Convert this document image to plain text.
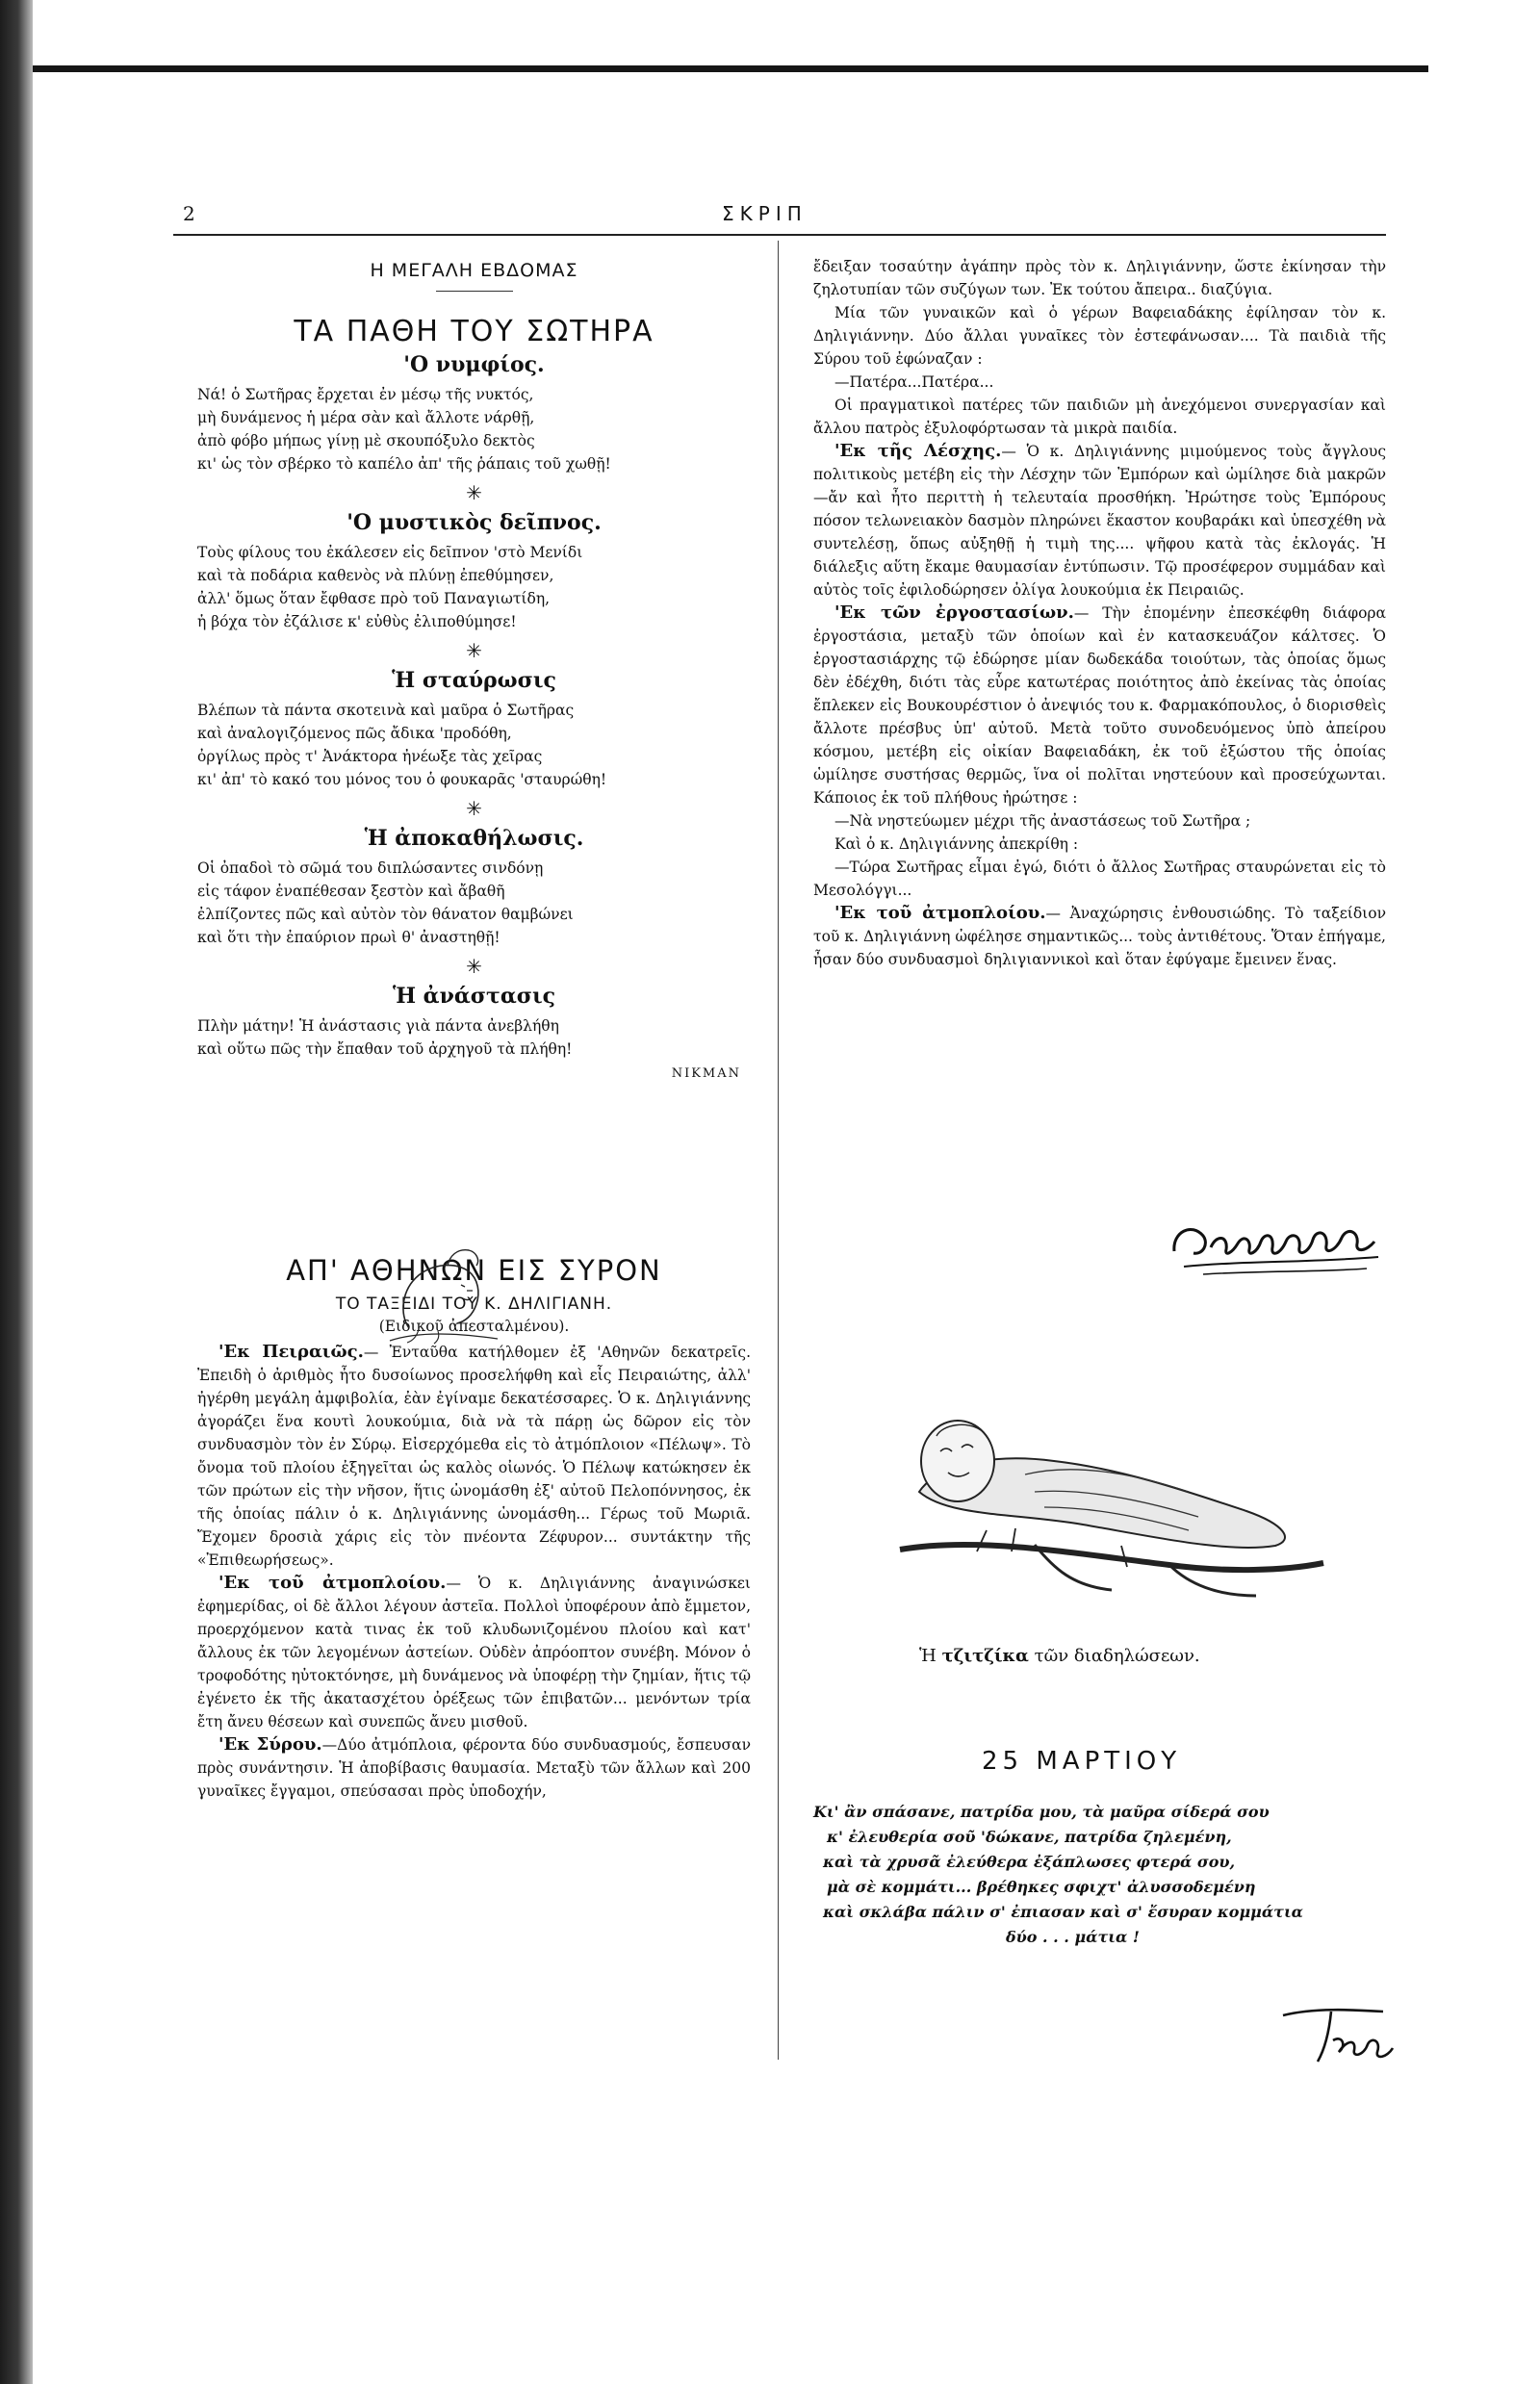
2	ΣΚΡΙΠ
Η ΜΕΓΑΛΗ ΕΒΔΟΜΑΣ
ΤΑ ΠΑΘΗ ΤΟΥ ΣΩΤΗΡΑ
'Ο νυμφίος.
Νά! ὁ Σωτῆρας ἔρχεται ἐν μέσῳ τῆς νυκτός,
μὴ δυνάμενος ἡ μέρα σὰν καὶ ἄλλοτε νάρθῇ,
ἀπὸ φόβο μήπως γίνῃ μὲ σκουπόξυλο δεκτὸς
κι' ὡς τὸν σβέρκο τὸ καπέλο ἀπ' τῆς ῥάπαις τοῦ χωθῇ!
✳
'Ο μυστικὸς δεῖπνος.
Τοὺς φίλους του ἐκάλεσεν εἰς δεῖπνον 'στὸ Μενίδι
καὶ τὰ ποδάρια καθενὸς νὰ πλύνῃ ἐπεθύμησεν,
ἀλλ' ὅμως ὅταν ἔφθασε πρὸ τοῦ Παναγιωτίδη,
ἡ βόχα τὸν ἐζάλισε κ' εὐθὺς ἐλιποθύμησε!
✳
Ἡ σταύρωσις
Βλέπων τὰ πάντα σκοτεινὰ καὶ μαῦρα ὁ Σωτῆρας
καὶ ἀναλογιζόμενος πῶς ἄδικα 'προδόθη,
ὀργίλως πρὸς τ' Ἀνάκτορα ἠνέωξε τὰς χεῖρας
κι' ἀπ' τὸ κακό του μόνος του ὁ φουκαρᾶς 'σταυρώθη!
✳
Ἡ ἀποκαθήλωσις.
Οἱ ὀπαδοὶ τὸ σῶμά του διπλώσαντες σινδόνῃ
εἰς τάφον ἐναπέθεσαν ξεστὸν καὶ ἄβαθῆ
ἐλπίζοντες πῶς καὶ αὐτὸν τὸν θάνατον θαμβώνει
καὶ ὅτι τὴν ἐπαύριον πρωὶ θ' ἀναστηθῇ!
✳
Ἡ ἀνάστασις
Πλὴν μάτην! Ἡ ἀνάστασις γιὰ πάντα ἀνεβλήθη
καὶ οὕτω πῶς τὴν ἔπαθαν τοῦ ἀρχηγοῦ τὰ πλήθη!
ΝΙΚΜΑΝ
ΑΠ' ΑΘΗΝΩΝ ΕΙΣ ΣΥΡΟΝ
ΤΟ ΤΑΞΕΙΔΙ ΤΟΥ Κ. ΔΗΛΙΓΙΑΝΗ.
(Ειδικοῦ ἀπεσταλμένου).

'Εκ Πειραιῶς.— Ἐνταῦθα κατήλθομεν ἐξ 'Αθηνῶν δεκατρεῖς. Ἐπειδὴ ὁ ἀριθμὸς ἦτο δυσοίωνος προσελήφθη καὶ εἷς Πειραιώτης, ἀλλ' ἠγέρθη μεγάλη ἀμφιβολία, ἐὰν ἐγίναμε δεκατέσσαρες. Ὁ κ. Δηλιγιάννης ἀγοράζει ἕνα κουτὶ λουκούμια, διὰ νὰ τὰ πάρῃ ὡς δῶρον εἰς τὸν συνδυασμὸν τὸν ἐν Σύρῳ. Εἰσερχόμεθα εἰς τὸ ἀτμόπλοιον «Πέλωψ». Τὸ ὄνομα τοῦ πλοίου ἐξηγεῖται ὡς καλὸς οἰωνός. Ὁ Πέλωψ κατώκησεν ἐκ τῶν πρώτων εἰς τὴν νῆσον, ἥτις ὠνομάσθη ἐξ' αὐτοῦ Πελοπόννησος, ἐκ τῆς ὁποίας πάλιν ὁ κ. Δηλιγιάννης ὡνομάσθη... Γέρως τοῦ Μωριᾶ. Ἔχομεν δροσιὰ χάρις εἰς τὸν πνέοντα Ζέφυρον... συντάκτην τῆς «Ἐπιθεωρήσεως».

'Εκ τοῦ ἀτμοπλοίου.— Ὁ κ. Δηλιγιάννης ἀναγινώσκει ἐφημερίδας, οἱ δὲ ἄλλοι λέγουν ἀστεῖα. Πολλοὶ ὑποφέρουν ἀπὸ ἔμμετον, προερχόμενον κατὰ τινας ἐκ τοῦ κλυδωνιζομένου πλοίου καὶ κατ' ἄλλους ἐκ τῶν λεγομένων ἀστείων. Οὐδὲν ἀπρόοπτον συνέβη. Μόνον ὁ τροφοδότης ηὐτοκτόνησε, μὴ δυνάμενος νὰ ὑποφέρῃ τὴν ζημίαν, ἥτις τῷ ἐγένετο ἐκ τῆς ἀκατασχέτου ὀρέξεως τῶν ἐπιβατῶν... μενόντων τρία ἔτη ἄνευ θέσεων καὶ συνεπῶς ἄνευ μισθοῦ.

'Εκ Σύρου.—Δύο ἀτμόπλοια, φέροντα δύο συνδυασμούς, ἔσπευσαν πρὸς συνάντησιν. Ἡ ἀποβίβασις θαυμασία. Μεταξὺ τῶν ἄλλων καὶ 200 γυναῖκες ἔγγαμοι, σπεύσασαι πρὸς ὑποδοχήν,

ἔδειξαν τοσαύτην ἀγάπην πρὸς τὸν κ. Δηλιγιάννην, ὥστε ἐκίνησαν τὴν ζηλοτυπίαν τῶν συζύγων των. Ἐκ τούτου ἄπειρα.. διαζύγια.

Μία τῶν γυναικῶν καὶ ὁ γέρων Βαφειαδάκης ἐφίλησαν τὸν κ. Δηλιγιάννην. Δύο ἄλλαι γυναῖκες τὸν ἐστεφάνωσαν.... Τὰ παιδιὰ τῆς Σύρου τοῦ ἐφώναζαν :

—Πατέρα...Πατέρα...

Οἱ πραγματικοὶ πατέρες τῶν παιδιῶν μὴ ἀνεχόμενοι συνεργασίαν καὶ ἄλλου πατρὸς ἐξυλοφόρτωσαν τὰ μικρὰ παιδία.

'Εκ τῆς Λέσχης.— Ὁ κ. Δηλιγιάννης μιμούμενος τοὺς ἄγγλους πολιτικοὺς μετέβη εἰς τὴν Λέσχην τῶν Ἐμπόρων καὶ ὡμίλησε διὰ μακρῶν—ἄν καὶ ἦτο περιττὴ ἡ τελευταία προσθήκη. Ἠρώτησε τοὺς Ἐμπόρους πόσον τελωνειακὸν δασμὸν πληρώνει ἕκαστον κουβαράκι καὶ ὑπεσχέθη νὰ συντελέσῃ, ὅπως αὐξηθῇ ἡ τιμὴ της.... ψῆφου κατὰ τὰς ἐκλογάς. Ἡ διάλεξις αὕτη ἔκαμε θαυμασίαν ἐντύπωσιν. Τῷ προσέφερον συμμάδαν καὶ αὐτὸς τοῖς ἐφιλοδώρησεν ὀλίγα λουκούμια ἐκ Πειραιῶς.

'Εκ τῶν ἐργοστασίων.— Τὴν ἐπομένην ἐπεσκέφθη διάφορα ἐργοστάσια, μεταξὺ τῶν ὁποίων καὶ ἐν κατασκευάζον κάλτσες. Ὁ ἐργοστασιάρχης τῷ ἐδώρησε μίαν δωδεκάδα τοιούτων, τὰς ὁποίας ὅμως δὲν ἐδέχθη, διότι τὰς εὗρε κατωτέρας ποιότητος ἀπὸ ἐκείνας τὰς ὁποίας ἔπλεκεν εἰς Βουκουρέστιον ὁ ἀνεψιός του κ. Φαρμακόπουλος, ὁ διορισθεὶς ἄλλοτε πρέσβυς ὑπ' αὐτοῦ. Μετὰ τοῦτο συνοδευόμενος ὑπὸ ἀπείρου κόσμου, μετέβη εἰς οἰκίαν Βαφειαδάκη, ἐκ τοῦ ἐξώστου τῆς ὁποίας ὡμίλησε συστήσας θερμῶς, ἵνα οἱ πολῖται νηστεύουν καὶ προσεύχωνται. Κάποιος ἐκ τοῦ πλήθους ἠρώτησε :

—Νὰ νηστεύωμεν μέχρι τῆς ἀναστάσεως τοῦ Σωτῆρα ;

Καὶ ὁ κ. Δηλιγιάννης ἀπεκρίθη :

—Τώρα Σωτῆρας εἶμαι ἐγώ, διότι ὁ ἄλλος Σωτῆρας σταυρώνεται εἰς τὸ Μεσολόγγι...

'Εκ τοῦ ἀτμοπλοίου.— Ἀναχώρησις ἐνθουσιώδης. Τὸ ταξείδιον τοῦ κ. Δηλιγιάννη ὠφέλησε σημαντικῶς... τοὺς ἀντιθέτους. Ὅταν ἐπήγαμε, ἦσαν δύο συνδυασμοὶ δηλιγιαννικοὶ καὶ ὅταν ἐφύγαμε ἔμεινεν ἕνας.

Ἡ τζιτζίκα τῶν διαδηλώσεων.
25 ΜΑΡΤΙΟΥ
Κι' ἂν σπάσανε, πατρίδα μου, τὰ μαῦρα σίδερά σου
κ' ἐλευθερία σοῦ 'δώκανε, πατρίδα ζηλεμένη,
καὶ τὰ χρυσᾶ ἐλεύθερα ἐξάπλωσες φτερά σου,
μὰ σὲ κομμάτι... βρέθηκες σφιχτ' ἀλυσσοδεμένη
καὶ σκλάβα πάλιν σ' ἐπιασαν καὶ σ' ἔσυραν κομμάτια
δύο . . . μάτια !
